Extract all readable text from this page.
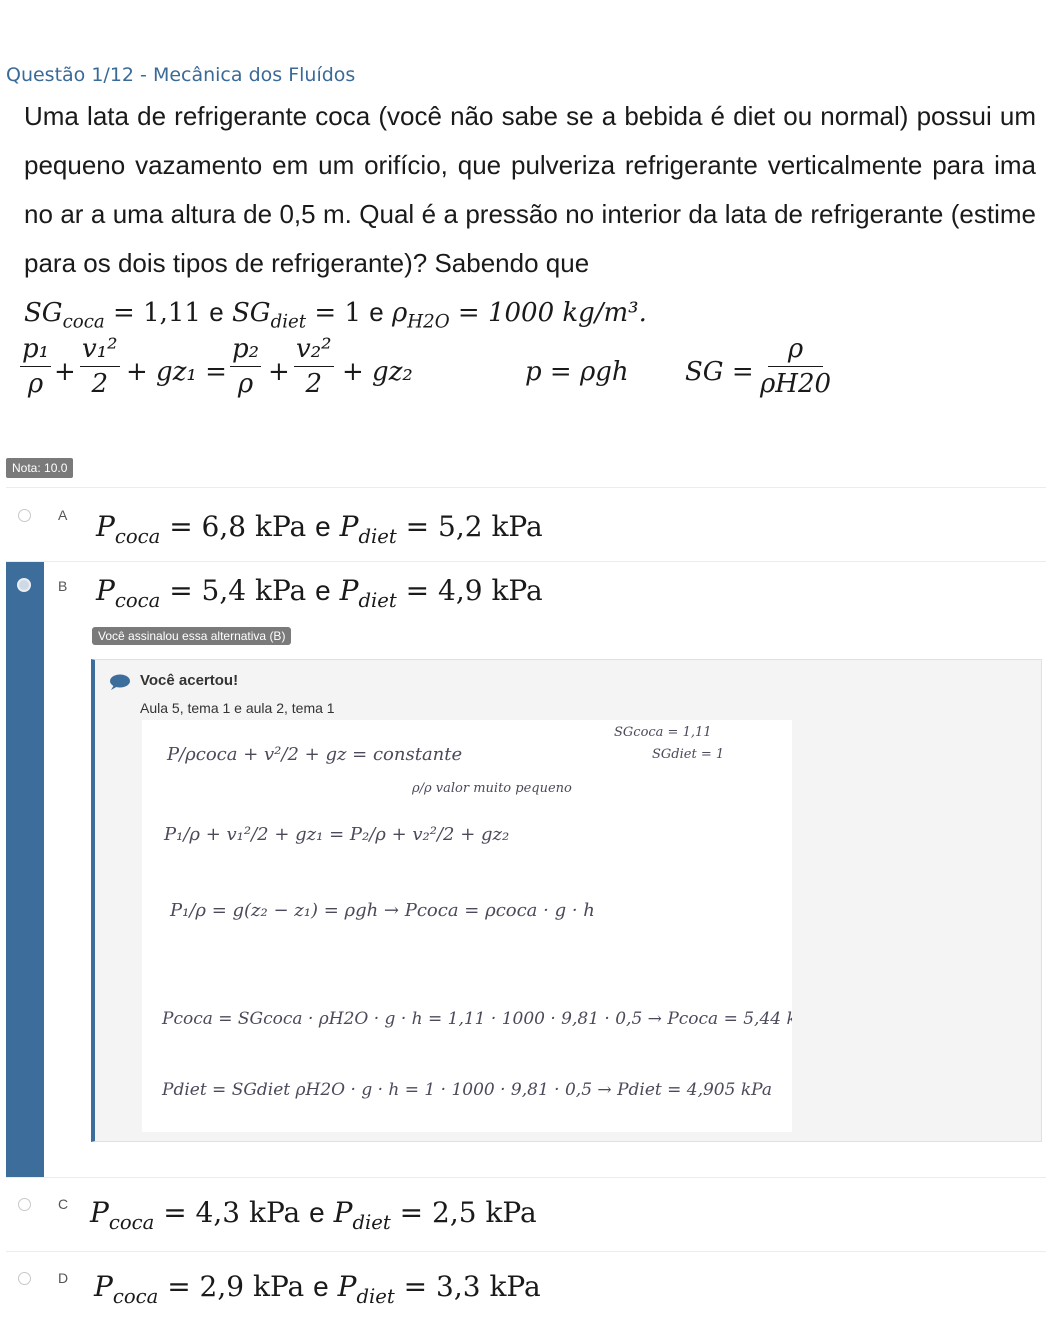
Questão 1/12 - Mecânica dos Fluídos
Uma lata de refrigerante coca (você não sabe se a bebida é diet ou normal) possui um pequeno vazamento em um orifício, que pulveriza refrigerante verticalmente para ima no ar a uma altura de 0,5 m. Qual é a pressão no interior da lata de refrigerante (estime para os dois tipos de refrigerante)? Sabendo que
$SG_{coca} = 1,11$ e $SG_{diet} = 1$ e $\rho_{H2O} = 1000$ kg/m³.
$\frac{\text{p₁}}{\rho} + \frac{\text{v₁²}}{2} + gz_1 = \frac{\text{p₂}}{\rho} + \frac{\text{v₂²}}{2} + gz_2$	p = ρgh SG = $\frac{\rho}{\rho H20}$
Nota: 10.0
A $P_{coca} = 6,8$ kPa e $P_{diet} = 5,2$ kPa
B $P_{coca} = 5,4$ kPa e $P_{diet} = 4,9$ kPa
Você assinalou essa alternativa (B)
Você acertou!
Aula 5, tema 1 e aula 2, tema 1
SGcoca = 1,11
SGdiet = 1
P/ρcoca + v²/2 + gz = constante
ρ/ρ valor muito pequeno
P₁/ρ + v₁²/2 + gz₁ = P₂/ρ + v₂²/2 + gz₂
P₁/ρ = g(z₂ − z₁) = ρgh → Pcoca = ρcoca · g · h
Pcoca = SGcoca · ρH2O · g · h = 1,11 · 1000 · 9,81 · 0,5 → Pcoca = 5,44 kPa
Pdiet = SGdiet ρH2O · g · h = 1 · 1000 · 9,81 · 0,5 → Pdiet = 4,905 kPa
C $P_{coca} = 4,3$ kPa e $P_{diet} = 2,5$ kPa
D $P_{coca} = 2,9$ kPa e $P_{diet} = 3,3$ kPa
